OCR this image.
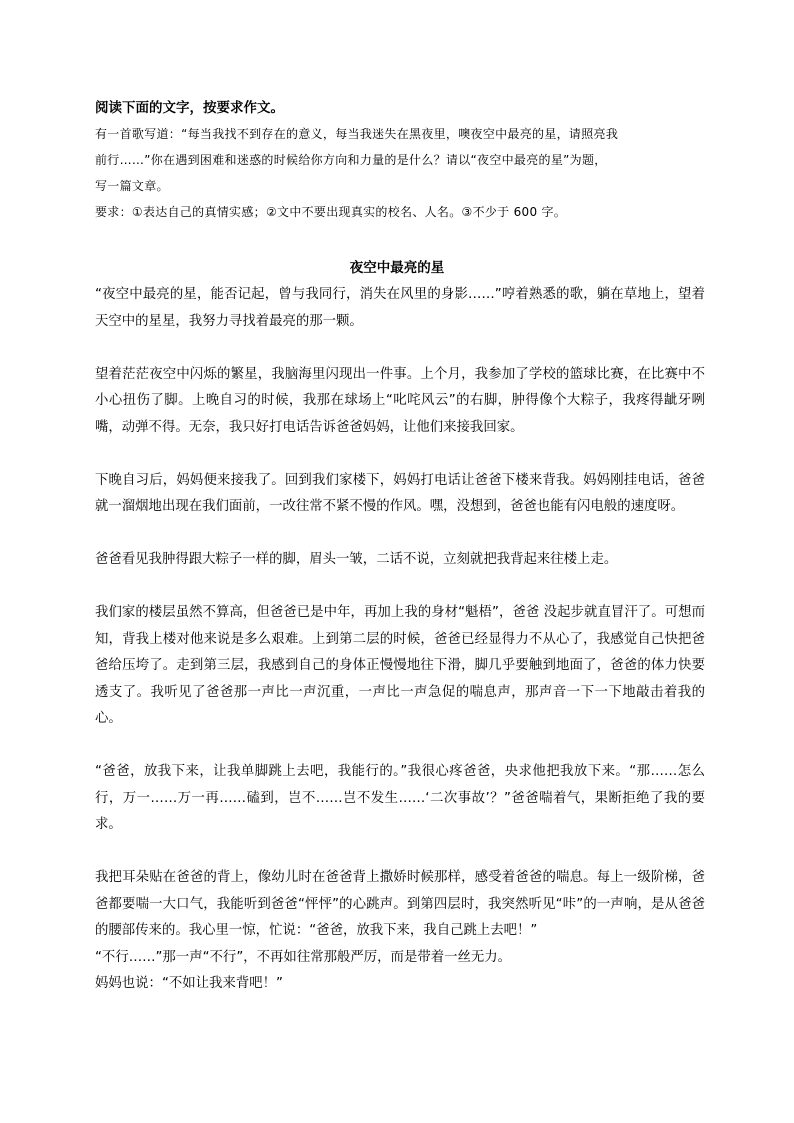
阅读下面的文字，按要求作文。

有一首歌写道：“每当我找不到存在的意义，每当我迷失在黑夜里，噢夜空中最亮的星，请照亮我

前行……”你在遇到困难和迷惑的时候给你方向和力量的是什么？请以“夜空中最亮的星”为题，

写一篇文章。

要求：①表达自己的真情实感；②文中不要出现真实的校名、人名。③不少于 600 字。

夜空中最亮的星

“夜空中最亮的星，能否记起，曾与我同行，消失在风里的身影……”哼着熟悉的歌，躺在草地上，望着天空中的星星，我努力寻找着最亮的那一颗。

望着茫茫夜空中闪烁的繁星，我脑海里闪现出一件事。上个月，我参加了学校的篮球比赛，在比赛中不小心扭伤了脚。上晚自习的时候，我那在球场上“叱咤风云”的右脚，肿得像个大粽子，我疼得龇牙咧嘴，动弹不得。无奈，我只好打电话告诉爸爸妈妈，让他们来接我回家。

下晚自习后，妈妈便来接我了。回到我们家楼下，妈妈打电话让爸爸下楼来背我。妈妈刚挂电话，爸爸就一溜烟地出现在我们面前，一改往常不紧不慢的作风。嘿，没想到，爸爸也能有闪电般的速度呀。

爸爸看见我肿得跟大粽子一样的脚，眉头一皱，二话不说，立刻就把我背起来往楼上走。

我们家的楼层虽然不算高，但爸爸已是中年，再加上我的身材“魁梧”，爸爸 没起步就直冒汗了。可想而知，背我上楼对他来说是多么艰难。上到第二层的时候，爸爸已经显得力不从心了，我感觉自己快把爸爸给压垮了。走到第三层，我感到自己的身体正慢慢地往下滑，脚几乎要触到地面了，爸爸的体力快要透支了。我听见了爸爸那一声比一声沉重，一声比一声急促的喘息声，那声音一下一下地敲击着我的心。

“爸爸，放我下来，让我单脚跳上去吧，我能行的。”我很心疼爸爸，央求他把我放下来。“那……怎么行，万一……万一再……磕到，岂不……岂不发生……‘二次事故’？”爸爸喘着气，果断拒绝了我的要求。

我把耳朵贴在爸爸的背上，像幼儿时在爸爸背上撒娇时候那样，感受着爸爸的喘息。每上一级阶梯，爸爸都要喘一大口气，我能听到爸爸“怦怦”的心跳声。到第四层时，我突然听见“咔”的一声响，是从爸爸的腰部传来的。我心里一惊，忙说：“爸爸，放我下来，我自己跳上去吧！”

“不行……”那一声“不行”，不再如往常那般严厉，而是带着一丝无力。

妈妈也说：“不如让我来背吧！”
